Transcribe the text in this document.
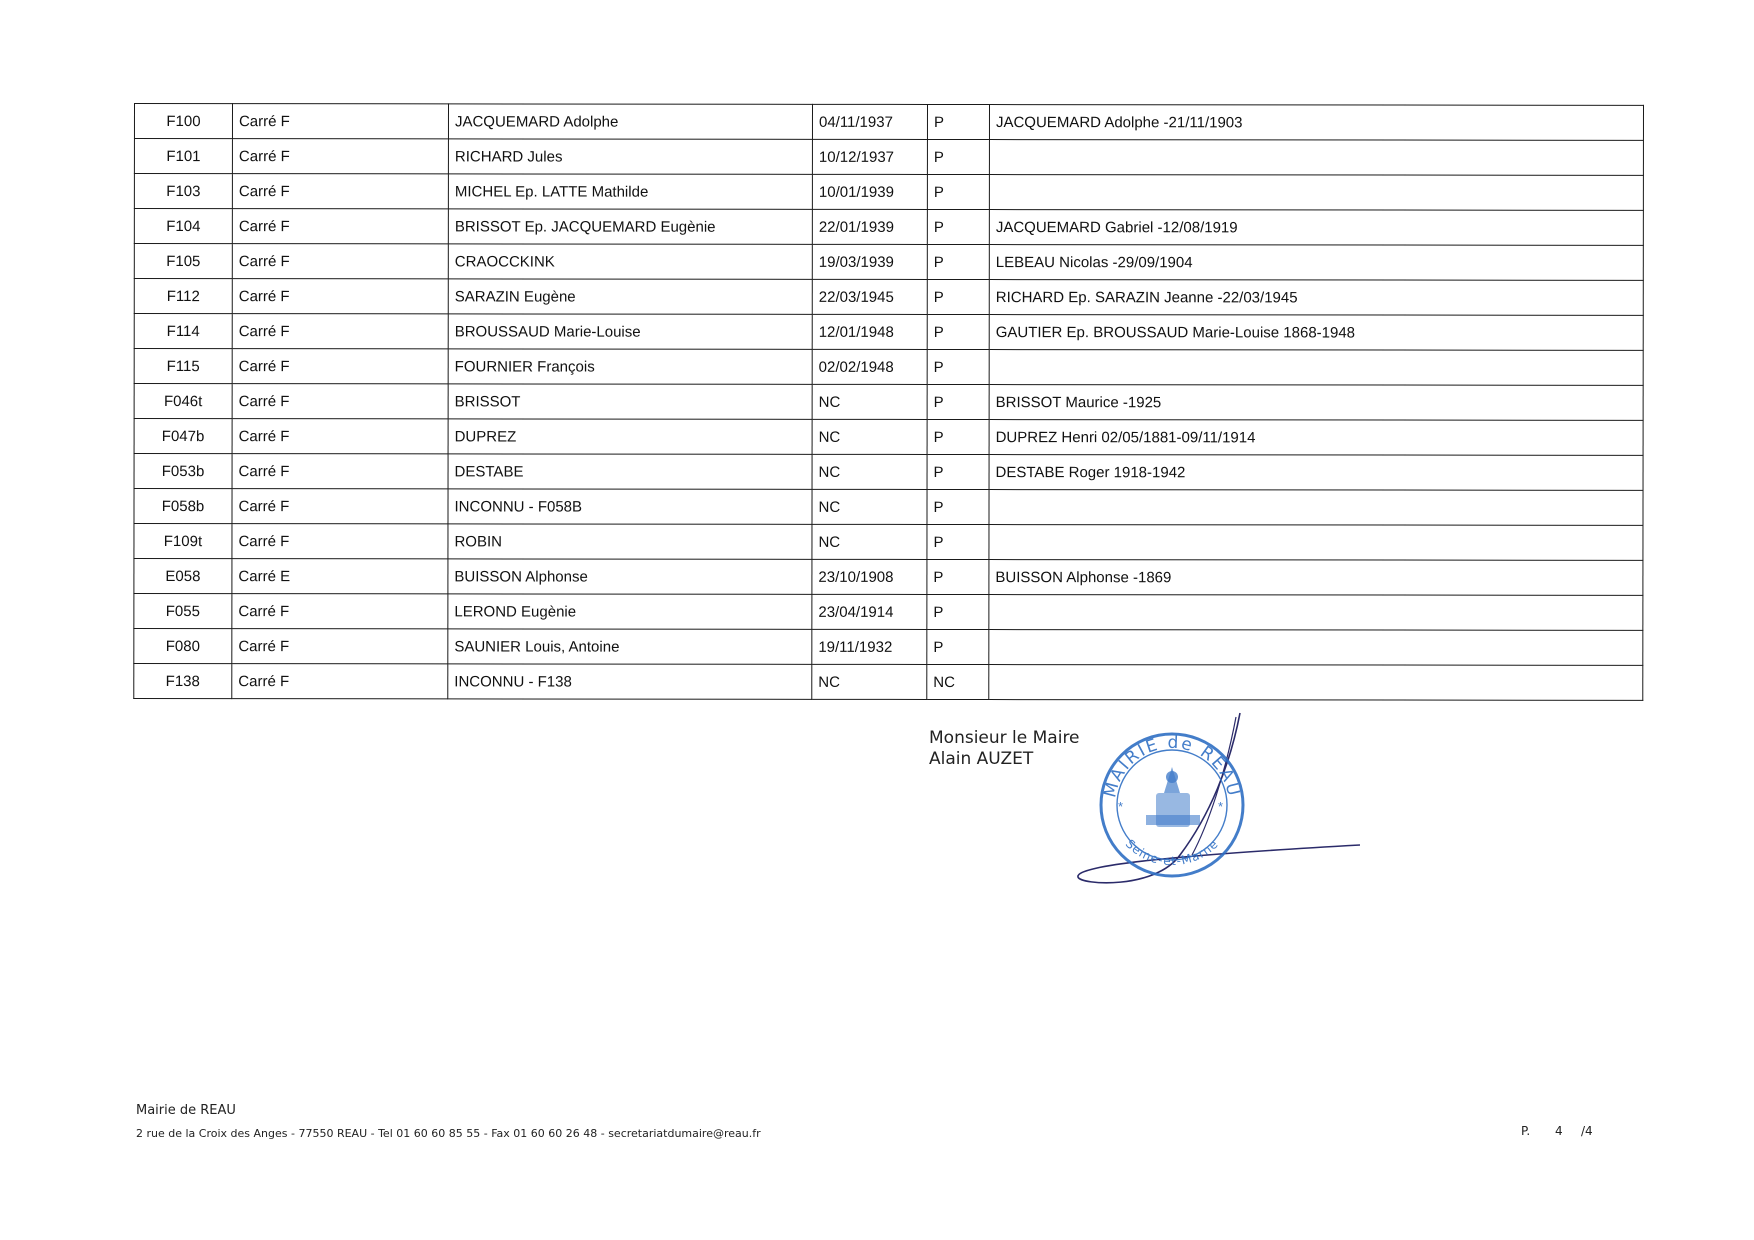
F100	Carré F	JACQUEMARD Adolphe	04/11/1937	P	JACQUEMARD Adolphe -21/11/1903
F101	Carré F	RICHARD Jules	10/12/1937	P	
F103	Carré F	MICHEL Ep. LATTE Mathilde	10/01/1939	P	
F104	Carré F	BRISSOT Ep. JACQUEMARD Eugènie	22/01/1939	P	JACQUEMARD Gabriel -12/08/1919
F105	Carré F	CRAOCCKINK	19/03/1939	P	LEBEAU Nicolas -29/09/1904
F112	Carré F	SARAZIN Eugène	22/03/1945	P	RICHARD Ep. SARAZIN Jeanne -22/03/1945
F114	Carré F	BROUSSAUD Marie-Louise	12/01/1948	P	GAUTIER Ep. BROUSSAUD Marie-Louise 1868-1948
F115	Carré F	FOURNIER François	02/02/1948	P	
F046t	Carré F	BRISSOT	NC	P	BRISSOT Maurice -1925
F047b	Carré F	DUPREZ	NC	P	DUPREZ Henri 02/05/1881-09/11/1914
F053b	Carré F	DESTABE	NC	P	DESTABE Roger 1918-1942
F058b	Carré F	INCONNU - F058B	NC	P	
F109t	Carré F	ROBIN	NC	P	
E058	Carré E	BUISSON Alphonse	23/10/1908	P	BUISSON Alphonse -1869
F055	Carré F	LEROND Eugènie	23/04/1914	P	
F080	Carré F	SAUNIER Louis, Antoine	19/11/1932	P	
F138	Carré F	INCONNU - F138	NC	NC	
Monsieur le Maire
Alain AUZET
MAIRIE de REAU
Seine-et-Marne
*	*
Mairie de REAU
2 rue de la Croix des Anges - 77550 REAU - Tel 01 60 60 85 55 - Fax 01 60 60 26 48 - secretariatdumaire@reau.fr	P. 4 /4
